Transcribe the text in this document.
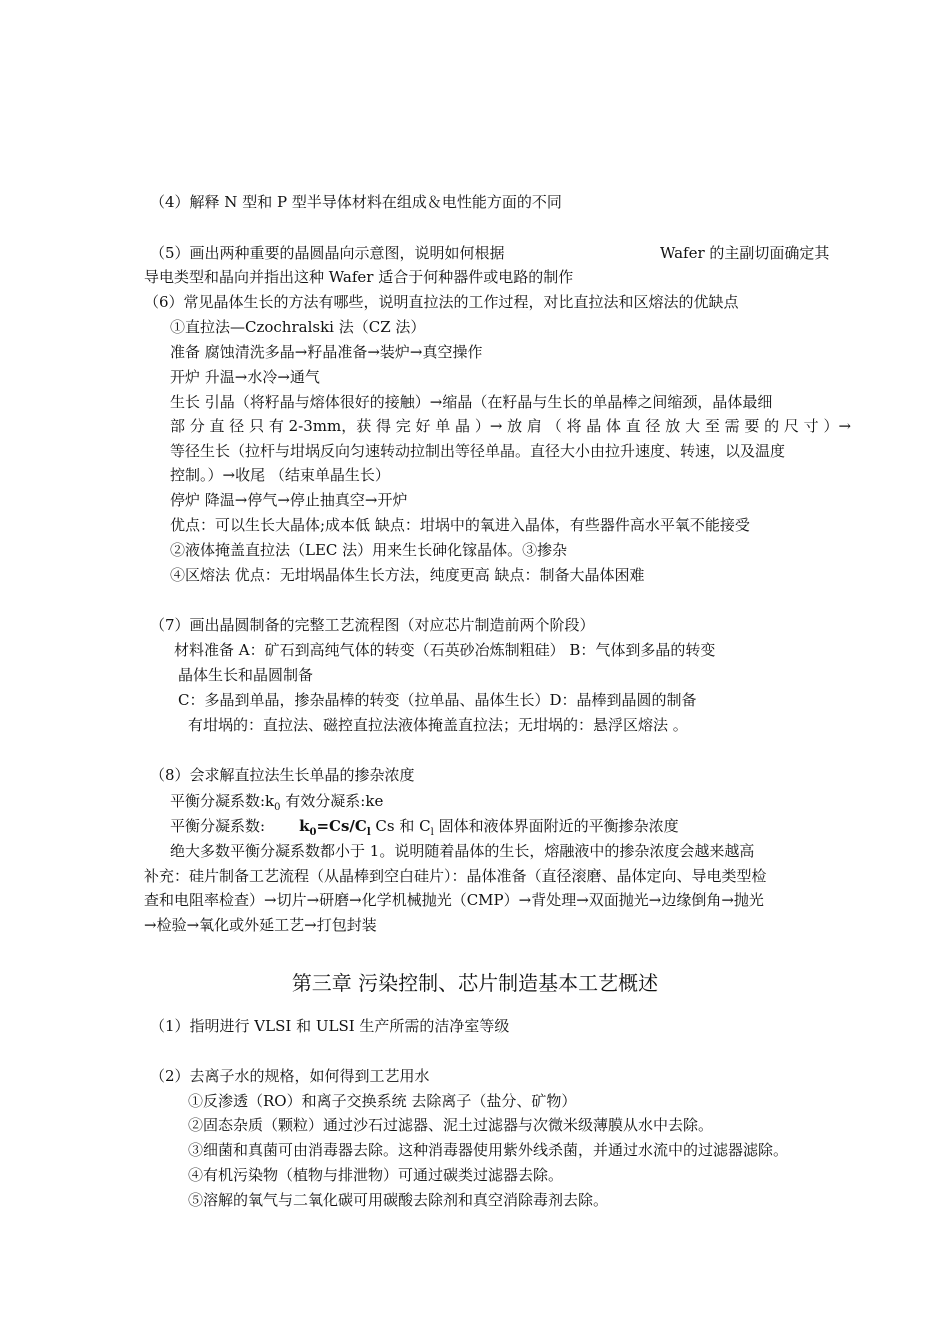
（4）解释 N 型和 P 型半导体材料在组成＆电性能方面的不同
（5）画出两种重要的晶圆晶向示意图，说明如何根据	Wafer 的主副切面确定其
导电类型和晶向并指出这种 Wafer 适合于何种器件或电路的制作
（6）常见晶体生长的方法有哪些，说明直拉法的工作过程，对比直拉法和区熔法的优缺点
①直拉法—Czochralski 法（CZ 法）
准备 腐蚀清洗多晶→籽晶准备→装炉→真空操作
开炉 升温→水冷→通气
生长 引晶（将籽晶与熔体很好的接触）→缩晶（在籽晶与生长的单晶棒之间缩颈，晶体最细
部 分 直 径 只 有 2-3mm，获 得 完 好 单 晶 ）→ 放 肩 （ 将 晶 体 直 径 放 大 至 需 要 的 尺 寸 ）→
等径生长（拉杆与坩埚反向匀速转动拉制出等径单晶。直径大小由拉升速度、转速，以及温度
控制。）→收尾 （结束单晶生长）
停炉 降温→停气→停止抽真空→开炉
优点：可以生长大晶体;成本低 缺点：坩埚中的氧进入晶体，有些器件高水平氧不能接受
②液体掩盖直拉法（LEC 法）用来生长砷化镓晶体。③掺杂
④区熔法 优点：无坩埚晶体生长方法，纯度更高 缺点：制备大晶体困难
（7）画出晶圆制备的完整工艺流程图（对应芯片制造前两个阶段）
材料准备 A：矿石到高纯气体的转变（石英砂冶炼制粗硅） B：气体到多晶的转变
晶体生长和晶圆制备
C：多晶到单晶，掺杂晶棒的转变（拉单晶、晶体生长）D：晶棒到晶圆的制备
有坩埚的：直拉法、磁控直拉法液体掩盖直拉法；无坩埚的：悬浮区熔法 。
（8）会求解直拉法生长单晶的掺杂浓度
平衡分凝系数$:k_0$ 有效分凝系:ke
平衡分凝系数: $k_0=Cs/C_l$ Cs 和 $C_l$ 固体和液体界面附近的平衡掺杂浓度
绝大多数平衡分凝系数都小于 1。说明随着晶体的生长，熔融液中的掺杂浓度会越来越高
补充：硅片制备工艺流程（从晶棒到空白硅片）：晶体准备（直径滚磨、晶体定向、导电类型检
查和电阻率检查）→切片→研磨→化学机械抛光（CMP）→背处理→双面抛光→边缘倒角→抛光
→检验→氧化或外延工艺→打包封装
第三章 污染控制、芯片制造基本工艺概述
（1）指明进行 VLSI 和 ULSI 生产所需的洁净室等级
（2）去离子水的规格，如何得到工艺用水
①反渗透（RO）和离子交换系统 去除离子（盐分、矿物）
②固态杂质（颗粒）通过沙石过滤器、泥土过滤器与次微米级薄膜从水中去除。
③细菌和真菌可由消毒器去除。这种消毒器使用紫外线杀菌，并通过水流中的过滤器滤除。
④有机污染物（植物与排泄物）可通过碳类过滤器去除。
⑤溶解的氧气与二氧化碳可用碳酸去除剂和真空消除毒剂去除。
